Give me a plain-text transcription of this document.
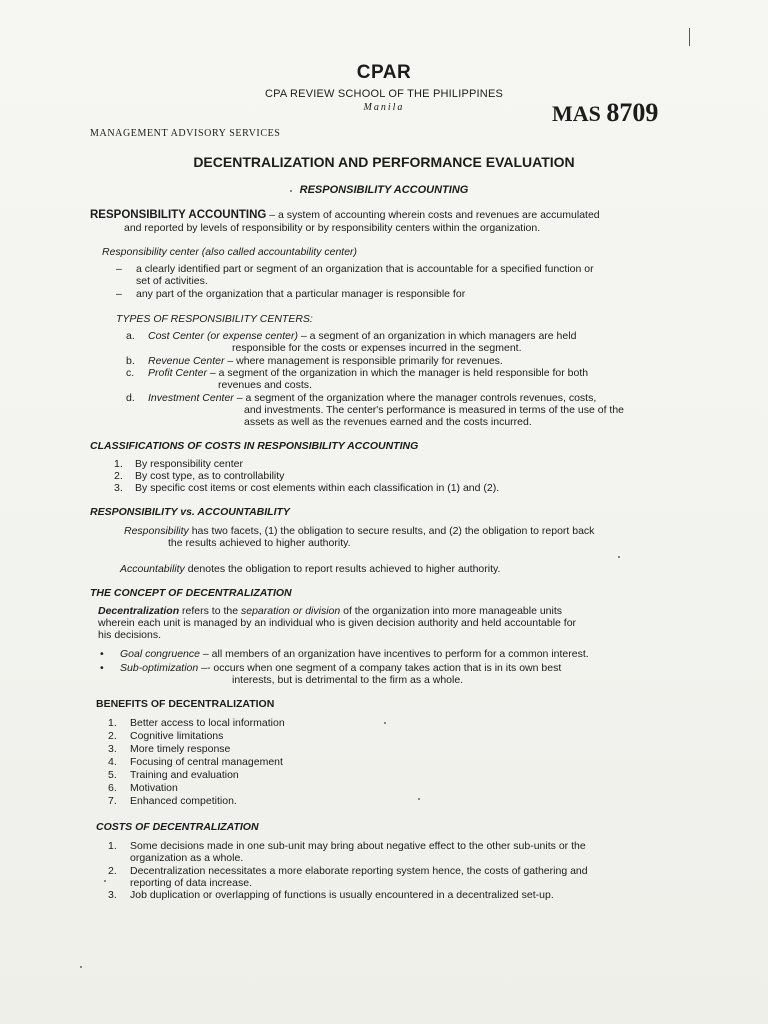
CPAR
CPA REVIEW SCHOOL OF THE PHILIPPINES
Manila	MAS 8709
MANAGEMENT ADVISORY SERVICES
DECENTRALIZATION AND PERFORMANCE EVALUATION
RESPONSIBILITY ACCOUNTING
RESPONSIBILITY ACCOUNTING – a system of accounting wherein costs and revenues are accumulated
and reported by levels of responsibility or by responsibility centers within the organization.
Responsibility center (also called accountability center)
– a clearly identified part or segment of an organization that is accountable for a specified function or
set of activities.
– any part of the organization that a particular manager is responsible for
TYPES OF RESPONSIBILITY CENTERS:
a. Cost Center (or expense center) – a segment of an organization in which managers are held
responsible for the costs or expenses incurred in the segment.
b. Revenue Center – where management is responsible primarily for revenues.
c. Profit Center – a segment of the organization in which the manager is held responsible for both
revenues and costs.
d. Investment Center – a segment of the organization where the manager controls revenues, costs,
and investments. The center's performance is measured in terms of the use of the
assets as well as the revenues earned and the costs incurred.
CLASSIFICATIONS OF COSTS IN RESPONSIBILITY ACCOUNTING
1. By responsibility center
2. By cost type, as to controllability
3. By specific cost items or cost elements within each classification in (1) and (2).
RESPONSIBILITY vs. ACCOUNTABILITY
Responsibility has two facets, (1) the obligation to secure results, and (2) the obligation to report back
the results achieved to higher authority.
Accountability denotes the obligation to report results achieved to higher authority.
THE CONCEPT OF DECENTRALIZATION
Decentralization refers to the separation or division of the organization into more manageable units
wherein each unit is managed by an individual who is given decision authority and held accountable for
his decisions.
• Goal congruence – all members of an organization have incentives to perform for a common interest.
• Sub-optimization –- occurs when one segment of a company takes action that is in its own best
interests, but is detrimental to the firm as a whole.
BENEFITS OF DECENTRALIZATION
1. Better access to local information
2. Cognitive limitations
3. More timely response
4. Focusing of central management
5. Training and evaluation
6. Motivation
7. Enhanced competition.
COSTS OF DECENTRALIZATION
1. Some decisions made in one sub-unit may bring about negative effect to the other sub-units or the
organization as a whole.
2. Decentralization necessitates a more elaborate reporting system hence, the costs of gathering and
reporting of data increase.
3. Job duplication or overlapping of functions is usually encountered in a decentralized set-up.
